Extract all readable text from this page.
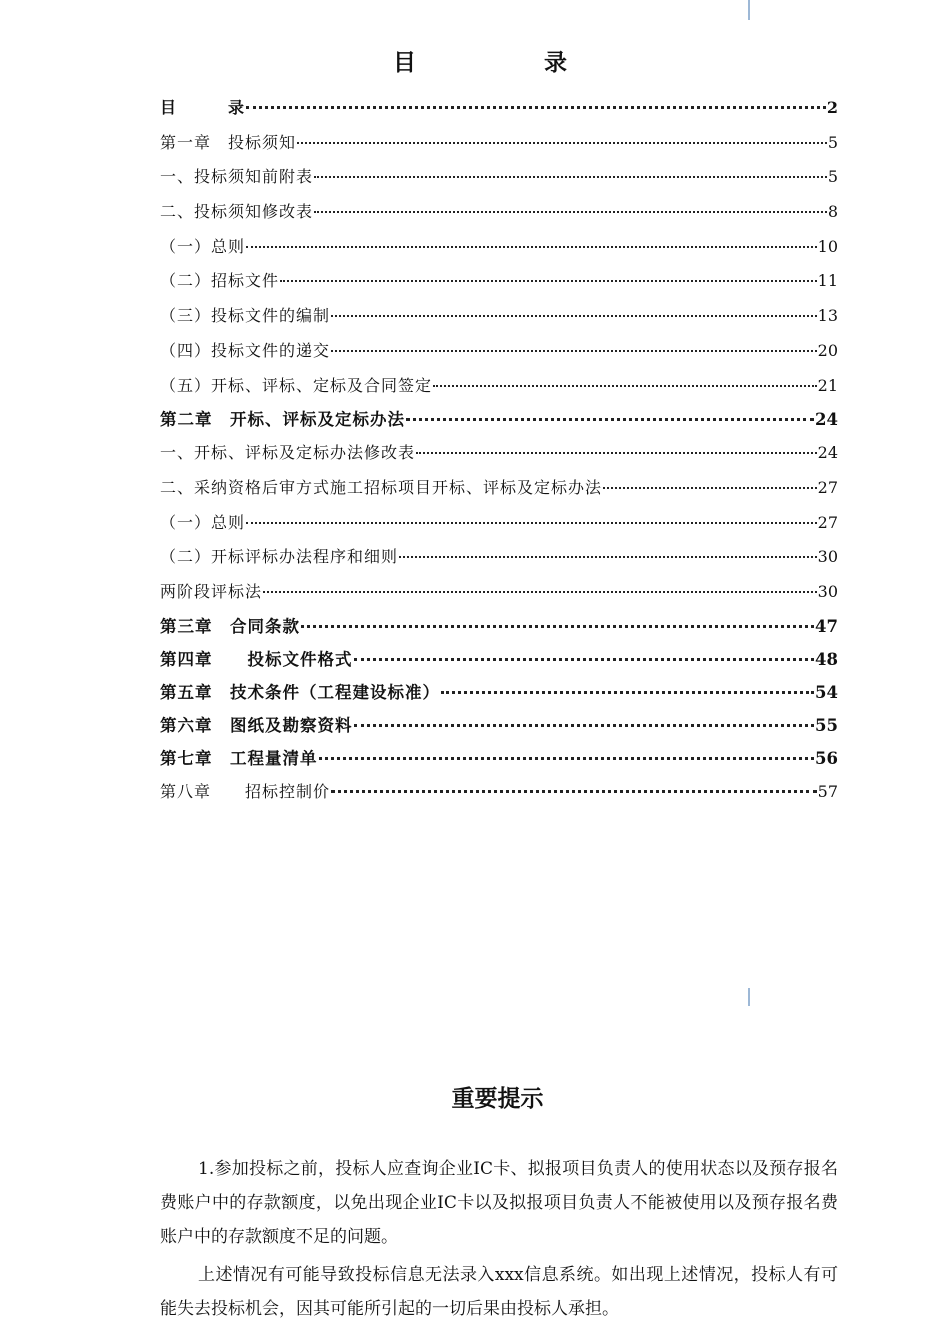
目 录
目　　　录	2
第一章　投标须知	5
一、投标须知前附表	5
二、投标须知修改表	8
（一）总则	10
（二）招标文件	11
（三）投标文件的编制	13
（四）投标文件的递交	20
（五）开标、评标、定标及合同签定	21
第二章　开标、评标及定标办法	24
一、开标、评标及定标办法修改表	24
二、采纳资格后审方式施工招标项目开标、评标及定标办法	27
（一）总则	27
（二）开标评标办法程序和细则	30
两阶段评标法	30
第三章　合同条款	47
第四章　　投标文件格式	48
第五章　技术条件（工程建设标准）	54
第六章　图纸及勘察资料	55
第七章　工程量清单	56
第八章　　招标控制价	57
重要提示

1.参加投标之前，投标人应查询企业IC卡、拟报项目负责人的使用状态以及预存报名费账户中的存款额度，以免出现企业IC卡以及拟报项目负责人不能被使用以及预存报名费账户中的存款额度不足的问题。

上述情况有可能导致投标信息无法录入xxx信息系统。如出现上述情况，投标人有可能失去投标机会，因其可能所引起的一切后果由投标人承担。
